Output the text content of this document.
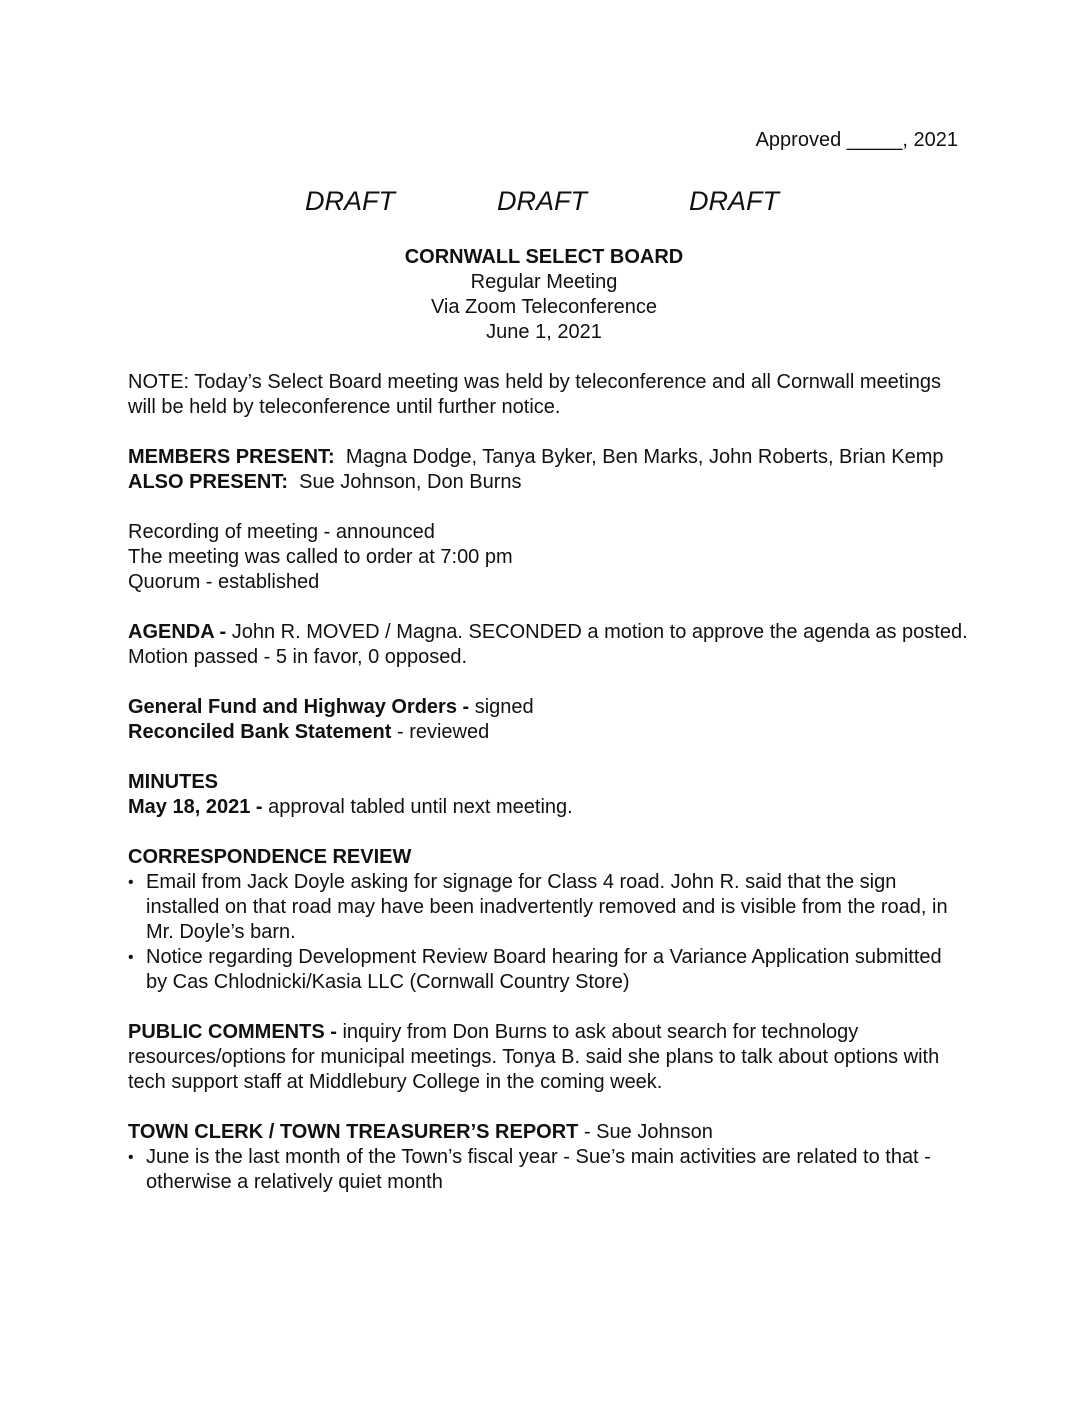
Approved _____, 2021
DRAFT	DRAFT	DRAFT
CORNWALL SELECT BOARD
Regular Meeting
Via Zoom Teleconference
June 1, 2021

NOTE: Today’s Select Board meeting was held by teleconference and all Cornwall meetings will be held by teleconference until further notice.

MEMBERS PRESENT: Magna Dodge, Tanya Byker, Ben Marks, John Roberts, Brian Kemp
ALSO PRESENT: Sue Johnson, Don Burns
Recording of meeting - announced
The meeting was called to order at 7:00 pm
Quorum - established
AGENDA - John R. MOVED / Magna. SECONDED a motion to approve the agenda as posted. Motion passed - 5 in favor, 0 opposed.
General Fund and Highway Orders - signed
Reconciled Bank Statement - reviewed
MINUTES
May 18, 2021 - approval tabled until next meeting.
CORRESPONDENCE REVIEW
• Email from Jack Doyle asking for signage for Class 4 road. John R. said that the sign installed on that road may have been inadvertently removed and is visible from the road, in Mr. Doyle’s barn.
• Notice regarding Development Review Board hearing for a Variance Application submitted by Cas Chlodnicki/Kasia LLC (Cornwall Country Store)
PUBLIC COMMENTS - inquiry from Don Burns to ask about search for technology resources/options for municipal meetings. Tonya B. said she plans to talk about options with tech support staff at Middlebury College in the coming week.
TOWN CLERK / TOWN TREASURER’S REPORT - Sue Johnson
• June is the last month of the Town’s fiscal year - Sue’s main activities are related to that - otherwise a relatively quiet month
